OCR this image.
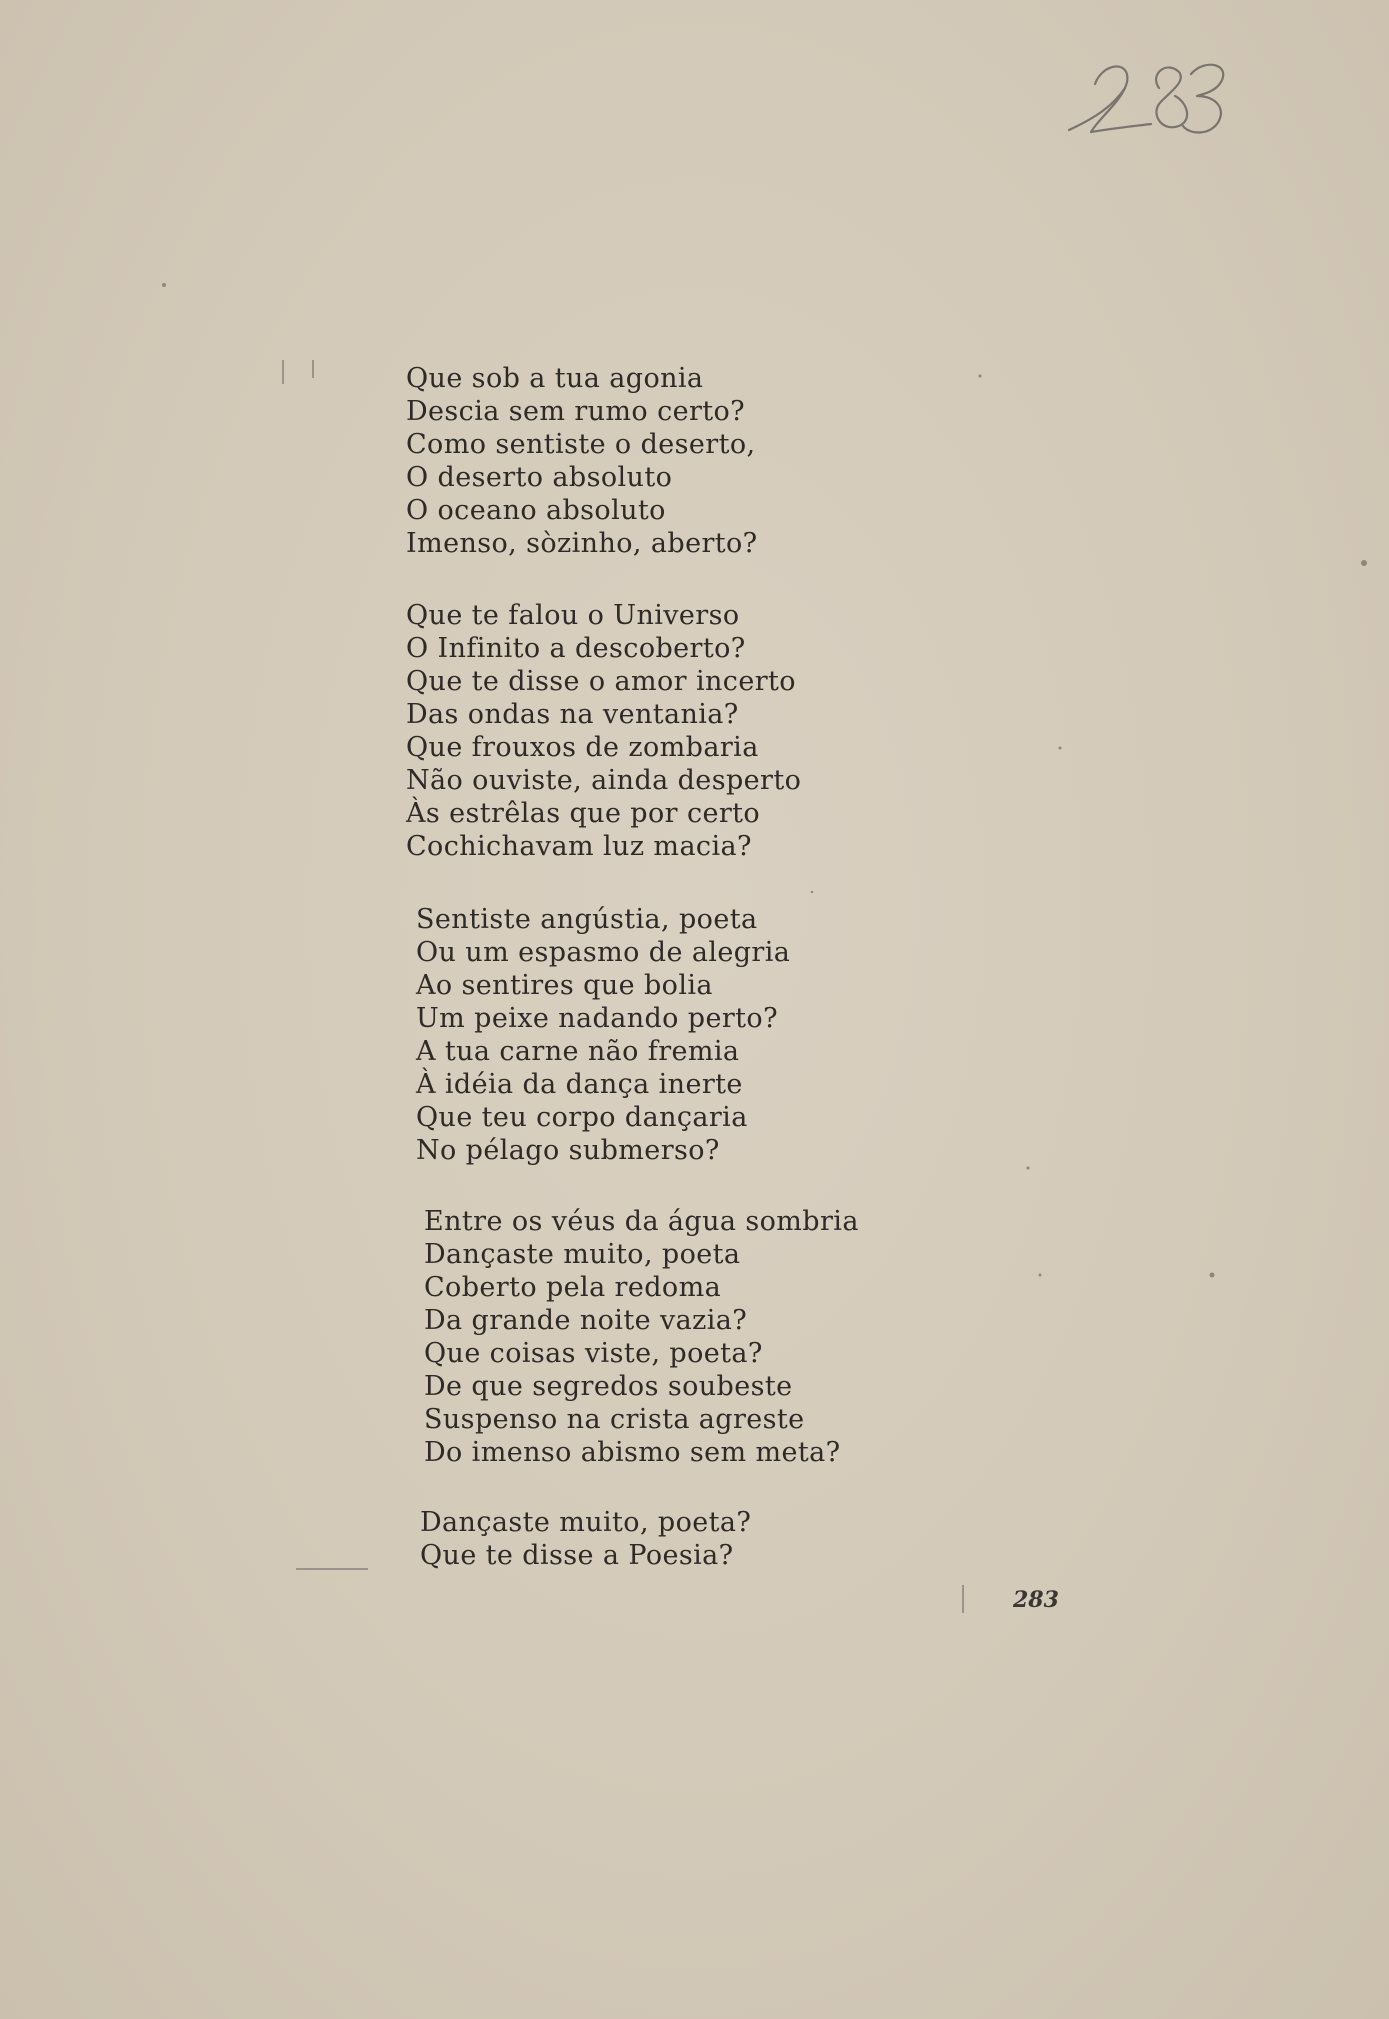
Que sob a tua agonia
Descia sem rumo certo?
Como sentiste o deserto,
O deserto absoluto
O oceano absoluto
Imenso, sòzinho, aberto?
Que te falou o Universo
O Infinito a descoberto?
Que te disse o amor incerto
Das ondas na ventania?
Que frouxos de zombaria
Não ouviste, ainda desperto
Às estrêlas que por certo
Cochichavam luz macia?
Sentiste angústia, poeta
Ou um espasmo de alegria
Ao sentires que bolia
Um peixe nadando perto?
A tua carne não fremia
À idéia da dança inerte
Que teu corpo dançaria
No pélago submerso?
Entre os véus da água sombria
Dançaste muito, poeta
Coberto pela redoma
Da grande noite vazia?
Que coisas viste, poeta?
De que segredos soubeste
Suspenso na crista agreste
Do imenso abismo sem meta?
Dançaste muito, poeta?
Que te disse a Poesia?
283
